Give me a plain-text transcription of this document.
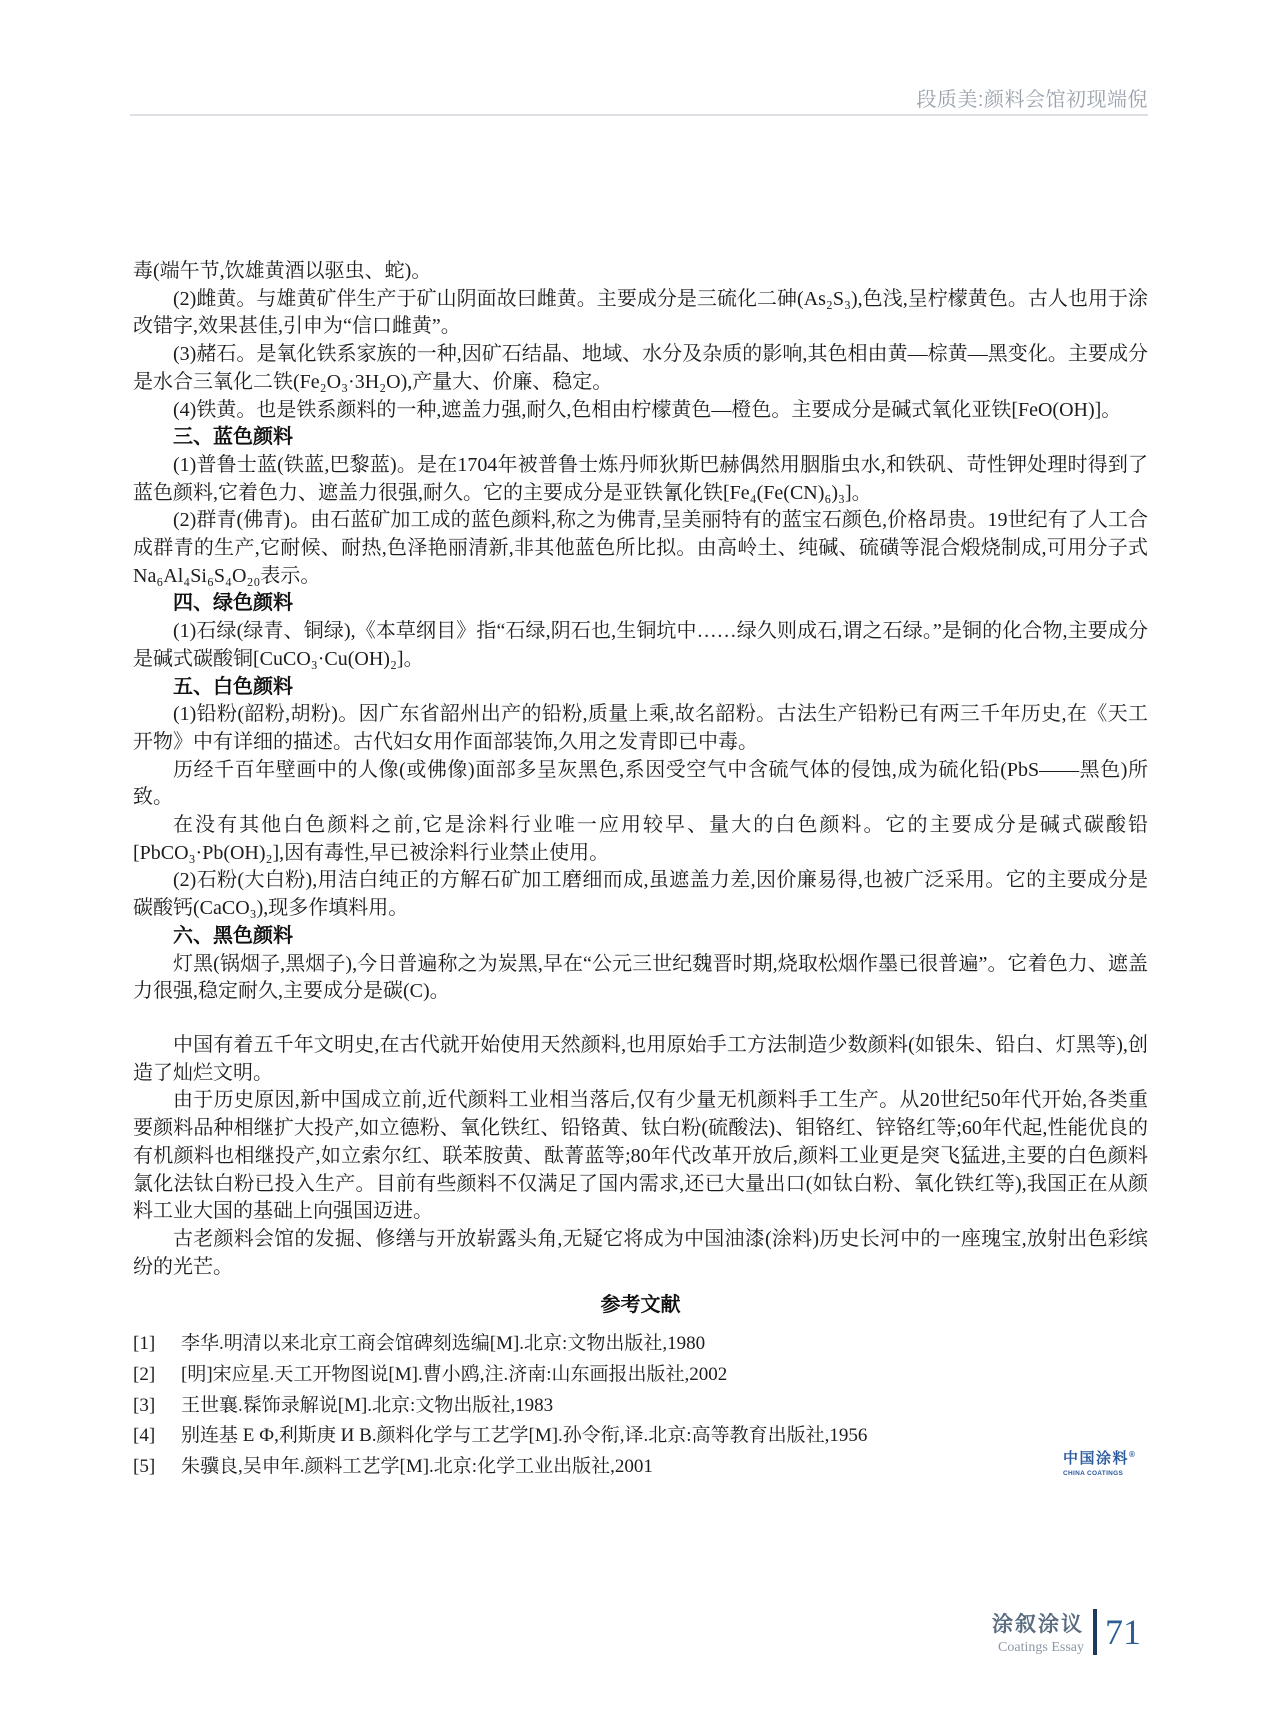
段质美:颜料会馆初现端倪

毒(端午节,饮雄黄酒以驱虫、蛇)。

(2)雌黄。与雄黄矿伴生产于矿山阴面故曰雌黄。主要成分是三硫化二砷(As₂S₃),色浅,呈柠檬黄色。古人也用于涂改错字,效果甚佳,引申为“信口雌黄”。

(3)赭石。是氧化铁系家族的一种,因矿石结晶、地域、水分及杂质的影响,其色相由黄—棕黄—黑变化。主要成分是水合三氧化二铁(Fe₂O₃·3H₂O),产量大、价廉、稳定。

(4)铁黄。也是铁系颜料的一种,遮盖力强,耐久,色相由柠檬黄色—橙色。主要成分是碱式氧化亚铁[FeO(OH)]。

三、蓝色颜料

(1)普鲁士蓝(铁蓝,巴黎蓝)。是在1704年被普鲁士炼丹师狄斯巴赫偶然用胭脂虫水,和铁矾、苛性钾处理时得到了蓝色颜料,它着色力、遮盖力很强,耐久。它的主要成分是亚铁氰化铁[Fe₄(Fe(CN)₆)₃]。

(2)群青(佛青)。由石蓝矿加工成的蓝色颜料,称之为佛青,呈美丽特有的蓝宝石颜色,价格昂贵。19世纪有了人工合成群青的生产,它耐候、耐热,色泽艳丽清新,非其他蓝色所比拟。由高岭土、纯碱、硫磺等混合煅烧制成,可用分子式Na₆Al₄Si₆S₄O₂₀表示。

四、绿色颜料

(1)石绿(绿青、铜绿),《本草纲目》指“石绿,阴石也,生铜坑中……绿久则成石,谓之石绿。”是铜的化合物,主要成分是碱式碳酸铜[CuCO₃·Cu(OH)₂]。

五、白色颜料

(1)铅粉(韶粉,胡粉)。因广东省韶州出产的铅粉,质量上乘,故名韶粉。古法生产铅粉已有两三千年历史,在《天工开物》中有详细的描述。古代妇女用作面部装饰,久用之发青即已中毒。

历经千百年壁画中的人像(或佛像)面部多呈灰黑色,系因受空气中含硫气体的侵蚀,成为硫化铅(PbS——黑色)所致。

在没有其他白色颜料之前,它是涂料行业唯一应用较早、量大的白色颜料。它的主要成分是碱式碳酸铅[PbCO₃·Pb(OH)₂],因有毒性,早已被涂料行业禁止使用。

(2)石粉(大白粉),用洁白纯正的方解石矿加工磨细而成,虽遮盖力差,因价廉易得,也被广泛采用。它的主要成分是碳酸钙(CaCO₃),现多作填料用。

六、黑色颜料

灯黑(锅烟子,黑烟子),今日普遍称之为炭黑,早在“公元三世纪魏晋时期,烧取松烟作墨已很普遍”。它着色力、遮盖力很强,稳定耐久,主要成分是碳(C)。

中国有着五千年文明史,在古代就开始使用天然颜料,也用原始手工方法制造少数颜料(如银朱、铅白、灯黑等),创造了灿烂文明。

由于历史原因,新中国成立前,近代颜料工业相当落后,仅有少量无机颜料手工生产。从20世纪50年代开始,各类重要颜料品种相继扩大投产,如立德粉、氧化铁红、铅铬黄、钛白粉(硫酸法)、钼铬红、锌铬红等;60年代起,性能优良的有机颜料也相继投产,如立索尔红、联苯胺黄、酞菁蓝等;80年代改革开放后,颜料工业更是突飞猛进,主要的白色颜料氯化法钛白粉已投入生产。目前有些颜料不仅满足了国内需求,还已大量出口(如钛白粉、氧化铁红等),我国正在从颜料工业大国的基础上向强国迈进。

古老颜料会馆的发掘、修缮与开放崭露头角,无疑它将成为中国油漆(涂料)历史长河中的一座瑰宝,放射出色彩缤纷的光芒。

参考文献
[1]	李华.明清以来北京工商会馆碑刻选编[M].北京:文物出版社,1980
[2]	[明]宋应星.天工开物图说[M].曹小鸥,注.济南:山东画报出版社,2002
[3]	王世襄.髹饰录解说[M].北京:文物出版社,1983
[4]	别连基 Е Ф,利斯庚 И В.颜料化学与工艺学[M].孙令衔,译.北京:高等教育出版社,1956
[5]	朱骥良,吴申年.颜料工艺学[M].北京:化学工业出版社,2001	中国涂料®
CHINA COATINGS
涂叙涂议
Coatings Essay 71
